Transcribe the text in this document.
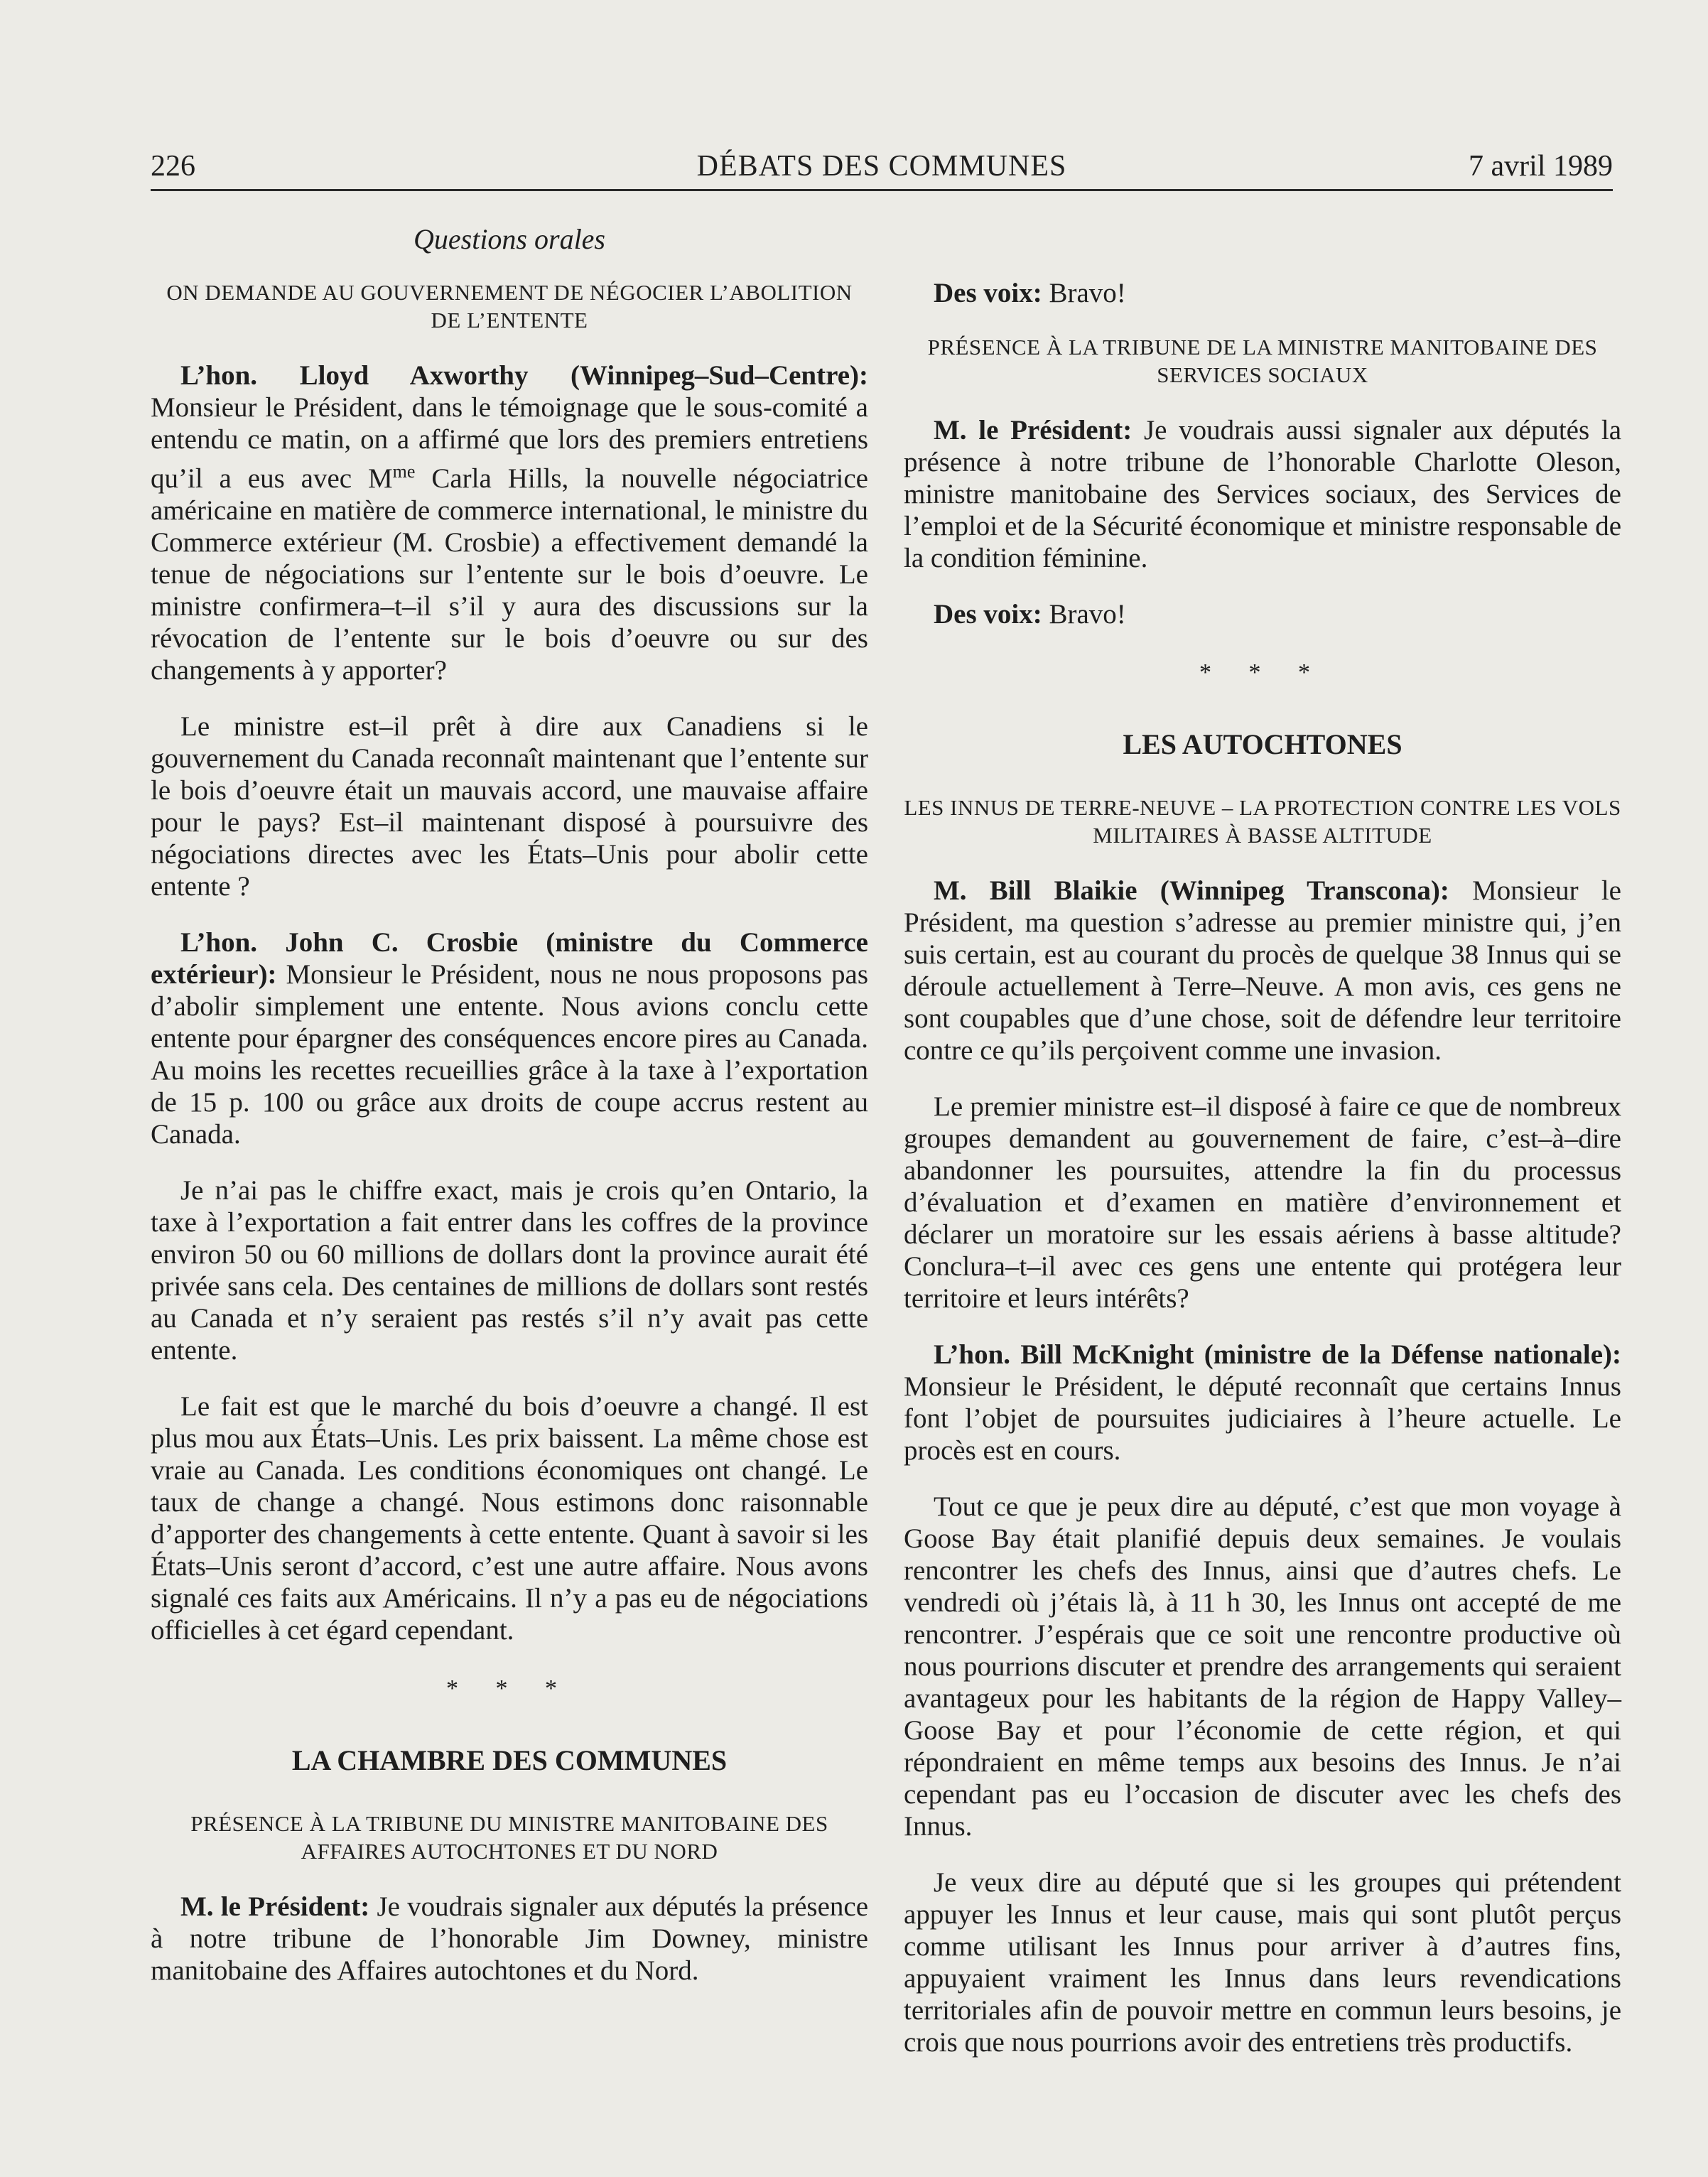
226	DÉBATS DES COMMUNES	7 avril 1989
Questions orales
ON DEMANDE AU GOUVERNEMENT DE NÉGOCIER L’ABOLITION DE L’ENTENTE

L’hon. Lloyd Axworthy (Winnipeg–Sud–Centre): Monsieur le Président, dans le témoignage que le sous-comité a entendu ce matin, on a affirmé que lors des premiers entretiens qu’il a eus avec $M^{me}$ Carla Hills, la nouvelle négociatrice américaine en matière de commerce international, le ministre du Commerce extérieur (M. Crosbie) a effectivement demandé la tenue de négociations sur l’entente sur le bois d’oeuvre. Le ministre confirmera–t–il s’il y aura des discussions sur la révocation de l’entente sur le bois d’oeuvre ou sur des changements à y apporter?

Le ministre est–il prêt à dire aux Canadiens si le gouvernement du Canada reconnaît maintenant que l’entente sur le bois d’oeuvre était un mauvais accord, une mauvaise affaire pour le pays? Est–il maintenant disposé à poursuivre des négociations directes avec les États–Unis pour abolir cette entente ?

L’hon. John C. Crosbie (ministre du Commerce extérieur): Monsieur le Président, nous ne nous proposons pas d’abolir simplement une entente. Nous avions conclu cette entente pour épargner des conséquences encore pires au Canada. Au moins les recettes recueillies grâce à la taxe à l’exportation de 15 p. 100 ou grâce aux droits de coupe accrus restent au Canada.

Je n’ai pas le chiffre exact, mais je crois qu’en Ontario, la taxe à l’exportation a fait entrer dans les coffres de la province environ 50 ou 60 millions de dollars dont la province aurait été privée sans cela. Des centaines de millions de dollars sont restés au Canada et n’y seraient pas restés s’il n’y avait pas cette entente.

Le fait est que le marché du bois d’oeuvre a changé. Il est plus mou aux États–Unis. Les prix baissent. La même chose est vraie au Canada. Les conditions économiques ont changé. Le taux de change a changé. Nous estimons donc raisonnable d’apporter des changements à cette entente. Quant à savoir si les États–Unis seront d’accord, c’est une autre affaire. Nous avons signalé ces faits aux Américains. Il n’y a pas eu de négociations officielles à cet égard cependant.

* * *
LA CHAMBRE DES COMMUNES
PRÉSENCE À LA TRIBUNE DU MINISTRE MANITOBAINE DES AFFAIRES AUTOCHTONES ET DU NORD

M. le Président: Je voudrais signaler aux députés la présence à notre tribune de l’honorable Jim Downey, ministre manitobaine des Affaires autochtones et du Nord.

Des voix: Bravo!

PRÉSENCE À LA TRIBUNE DE LA MINISTRE MANITOBAINE DES SERVICES SOCIAUX

M. le Président: Je voudrais aussi signaler aux députés la présence à notre tribune de l’honorable Charlotte Oleson, ministre manitobaine des Services sociaux, des Services de l’emploi et de la Sécurité économique et ministre responsable de la condition féminine.

Des voix: Bravo!

* * *
LES AUTOCHTONES
LES INNUS DE TERRE-NEUVE – LA PROTECTION CONTRE LES VOLS MILITAIRES À BASSE ALTITUDE

M. Bill Blaikie (Winnipeg Transcona): Monsieur le Président, ma question s’adresse au premier ministre qui, j’en suis certain, est au courant du procès de quelque 38 Innus qui se déroule actuellement à Terre–Neuve. A mon avis, ces gens ne sont coupables que d’une chose, soit de défendre leur territoire contre ce qu’ils perçoivent comme une invasion.

Le premier ministre est–il disposé à faire ce que de nombreux groupes demandent au gouvernement de faire, c’est–à–dire abandonner les poursuites, attendre la fin du processus d’évaluation et d’examen en matière d’environnement et déclarer un moratoire sur les essais aériens à basse altitude? Conclura–t–il avec ces gens une entente qui protégera leur territoire et leurs intérêts?

L’hon. Bill McKnight (ministre de la Défense nationale): Monsieur le Président, le député reconnaît que certains Innus font l’objet de poursuites judiciaires à l’heure actuelle. Le procès est en cours.

Tout ce que je peux dire au député, c’est que mon voyage à Goose Bay était planifié depuis deux semaines. Je voulais rencontrer les chefs des Innus, ainsi que d’autres chefs. Le vendredi où j’étais là, à 11 h 30, les Innus ont accepté de me rencontrer. J’espérais que ce soit une rencontre productive où nous pourrions discuter et prendre des arrangements qui seraient avantageux pour les habitants de la région de Happy Valley–Goose Bay et pour l’économie de cette région, et qui répondraient en même temps aux besoins des Innus. Je n’ai cependant pas eu l’occasion de discuter avec les chefs des Innus.

Je veux dire au député que si les groupes qui prétendent appuyer les Innus et leur cause, mais qui sont plutôt perçus comme utilisant les Innus pour arriver à d’autres fins, appuyaient vraiment les Innus dans leurs revendications territoriales afin de pouvoir mettre en commun leurs besoins, je crois que nous pourrions avoir des entretiens très productifs.
